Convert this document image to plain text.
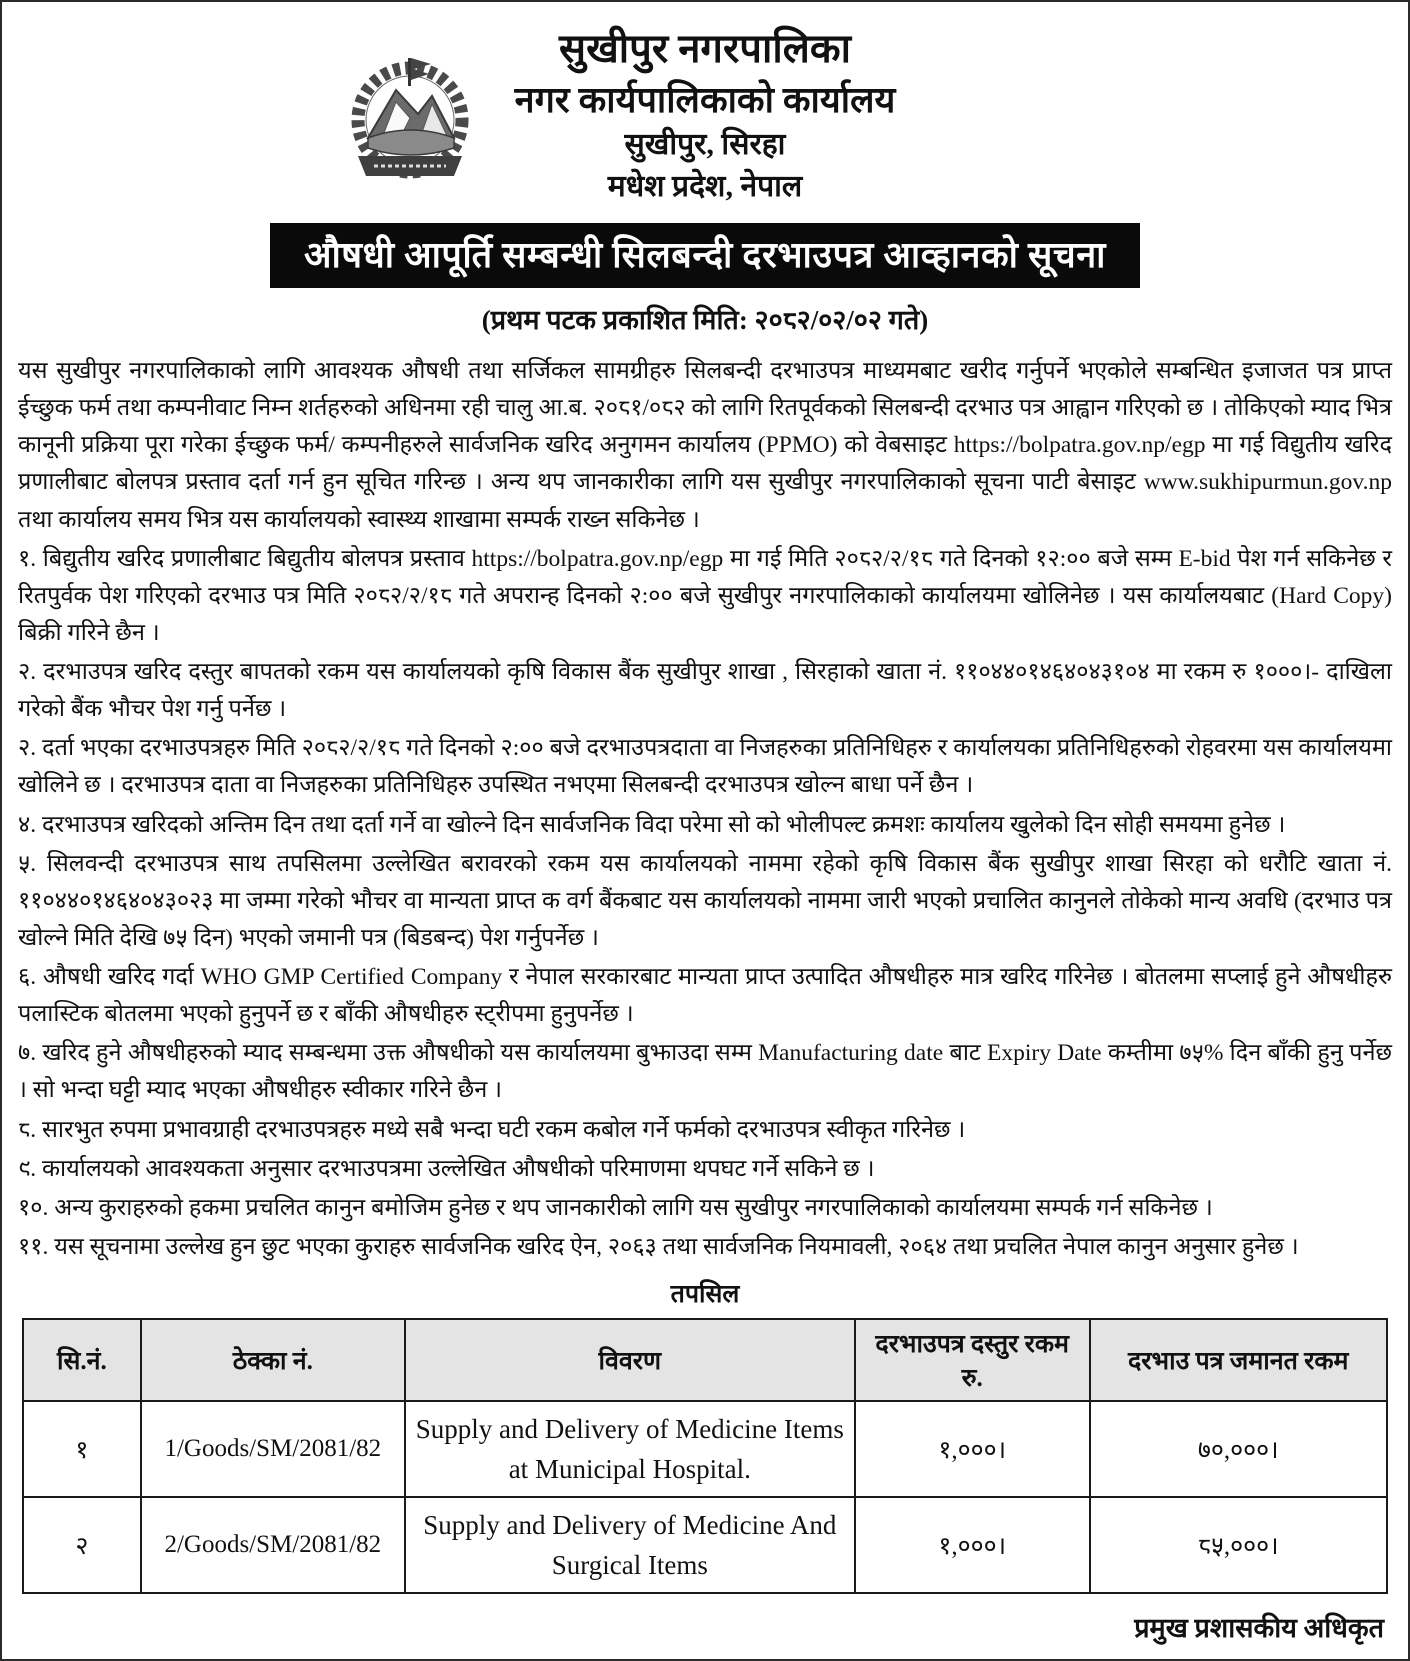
सुखीपुर नगरपालिका
नगर कार्यपालिकाको कार्यालय
सुखीपुर, सिरहा
मधेश प्रदेश, नेपाल
औषधी आपूर्ति सम्बन्धी सिलबन्दी दरभाउपत्र आव्हानको सूचना
(प्रथम पटक प्रकाशित मिति: २०८२/०२/०२ गते)

यस सुखीपुर नगरपालिकाको लागि आवश्यक औषधी तथा सर्जिकल सामग्रीहरु सिलबन्दी दरभाउपत्र माध्यमबाट खरीद गर्नुपर्ने भएकोले सम्बन्धित इजाजत पत्र प्राप्त ईच्छुक फर्म तथा कम्पनीवाट निम्न शर्तहरुको अधिनमा रही चालु आ.ब. २०८१/०८२ को लागि रितपूर्वकको सिलबन्दी दरभाउ पत्र आह्वान गरिएको छ । तोकिएको म्याद भित्र कानूनी प्रक्रिया पूरा गरेका ईच्छुक फर्म/ कम्पनीहरुले सार्वजनिक खरिद अनुगमन कार्यालय (PPMO) को वेबसाइट https://bolpatra.gov.np/egp मा गई विद्युतीय खरिद प्रणालीबाट बोलपत्र प्रस्ताव दर्ता गर्न हुन सूचित गरिन्छ । अन्य थप जानकारीका लागि यस सुखीपुर नगरपालिकाको सूचना पाटी बेसाइट www.sukhipurmun.gov.np तथा कार्यालय समय भित्र यस कार्यालयको स्वास्थ्य शाखामा सम्पर्क राख्न सकिनेछ ।

१. बिद्युतीय खरिद प्रणालीबाट बिद्युतीय बोलपत्र प्रस्ताव https://bolpatra.gov.np/egp मा गई मिति २०८२/२/१८ गते दिनको १२:०० बजे सम्म E-bid पेश गर्न सकिनेछ र रितपुर्वक पेश गरिएको दरभाउ पत्र मिति २०८२/२/१८ गते अपरान्ह दिनको २:०० बजे सुखीपुर नगरपालिकाको कार्यालयमा खोलिनेछ । यस कार्यालयबाट (Hard Copy) बिक्री गरिने छैन ।

२. दरभाउपत्र खरिद दस्तुर बापतको रकम यस कार्यालयको कृषि विकास बैंक सुखीपुर शाखा , सिरहाको खाता नं. ११०४४०१४६४०४३१०४ मा रकम रु १०००।- दाखिला गरेको बैंक भौचर पेश गर्नु पर्नेछ ।

२. दर्ता भएका दरभाउपत्रहरु मिति २०८२/२/१८ गते दिनको २:०० बजे दरभाउपत्रदाता वा निजहरुका प्रतिनिधिहरु र कार्यालयका प्रतिनिधिहरुको रोहवरमा यस कार्यालयमा खोलिने छ । दरभाउपत्र दाता वा निजहरुका प्रतिनिधिहरु उपस्थित नभएमा सिलबन्दी दरभाउपत्र खोल्न बाधा पर्ने छैन ।

४. दरभाउपत्र खरिदको अन्तिम दिन तथा दर्ता गर्ने वा खोल्ने दिन सार्वजनिक विदा परेमा सो को भोलीपल्ट क्रमशः कार्यालय खुलेको दिन सोही समयमा हुनेछ ।

५. सिलवन्दी दरभाउपत्र साथ तपसिलमा उल्लेखित बरावरको रकम यस कार्यालयको नाममा रहेको कृषि विकास बैंक सुखीपुर शाखा सिरहा को धरौटि खाता नं. ११०४४०१४६४०४३०२३ मा जम्मा गरेको भौचर वा मान्यता प्राप्त क वर्ग बैंकबाट यस कार्यालयको नाममा जारी भएको प्रचालित कानुनले तोकेको मान्य अवधि (दरभाउ पत्र खोल्ने मिति देखि ७५ दिन) भएको जमानी पत्र (बिडबन्द) पेश गर्नुपर्नेछ ।

६. औषधी खरिद गर्दा WHO GMP Certified Company र नेपाल सरकारबाट मान्यता प्राप्त उत्पादित औषधीहरु मात्र खरिद गरिनेछ । बोतलमा सप्लाई हुने औषधीहरु पलास्टिक बोतलमा भएको हुनुपर्ने छ र बाँकी औषधीहरु स्ट्रीपमा हुनुपर्नेछ ।

७. खरिद हुने औषधीहरुको म्याद सम्बन्धमा उक्त औषधीको यस कार्यालयमा बुझाउदा सम्म Manufacturing date बाट Expiry Date कम्तीमा ७५% दिन बाँकी हुनु पर्नेछ । सो भन्दा घट्टी म्याद भएका औषधीहरु स्वीकार गरिने छैन ।

८. सारभुत रुपमा प्रभावग्राही दरभाउपत्रहरु मध्ये सबै भन्दा घटी रकम कबोल गर्ने फर्मको दरभाउपत्र स्वीकृत गरिनेछ ।

९. कार्यालयको आवश्यकता अनुसार दरभाउपत्रमा उल्लेखित औषधीको परिमाणमा थपघट गर्ने सकिने छ ।

१०. अन्य कुराहरुको हकमा प्रचलित कानुन बमोजिम हुनेछ र थप जानकारीको लागि यस सुखीपुर नगरपालिकाको कार्यालयमा सम्पर्क गर्न सकिनेछ ।

११. यस सूचनामा उल्लेख हुन छुट भएका कुराहरु सार्वजनिक खरिद ऐन, २०६३ तथा सार्वजनिक नियमावली, २०६४ तथा प्रचलित नेपाल कानुन अनुसार हुनेछ ।

तपसिल
सि.नं.	ठेक्का नं.	विवरण	दरभाउपत्र दस्तुर रकम रु.	दरभाउ पत्र जमानत रकम
१	1/Goods/SM/2081/82	Supply and Delivery of Medicine Items at Municipal Hospital.	१,०००।	७०,०००।
२	2/Goods/SM/2081/82	Supply and Delivery of Medicine And Surgical Items	१,०००।	८५,०००।
प्रमुख प्रशासकीय अधिकृत
